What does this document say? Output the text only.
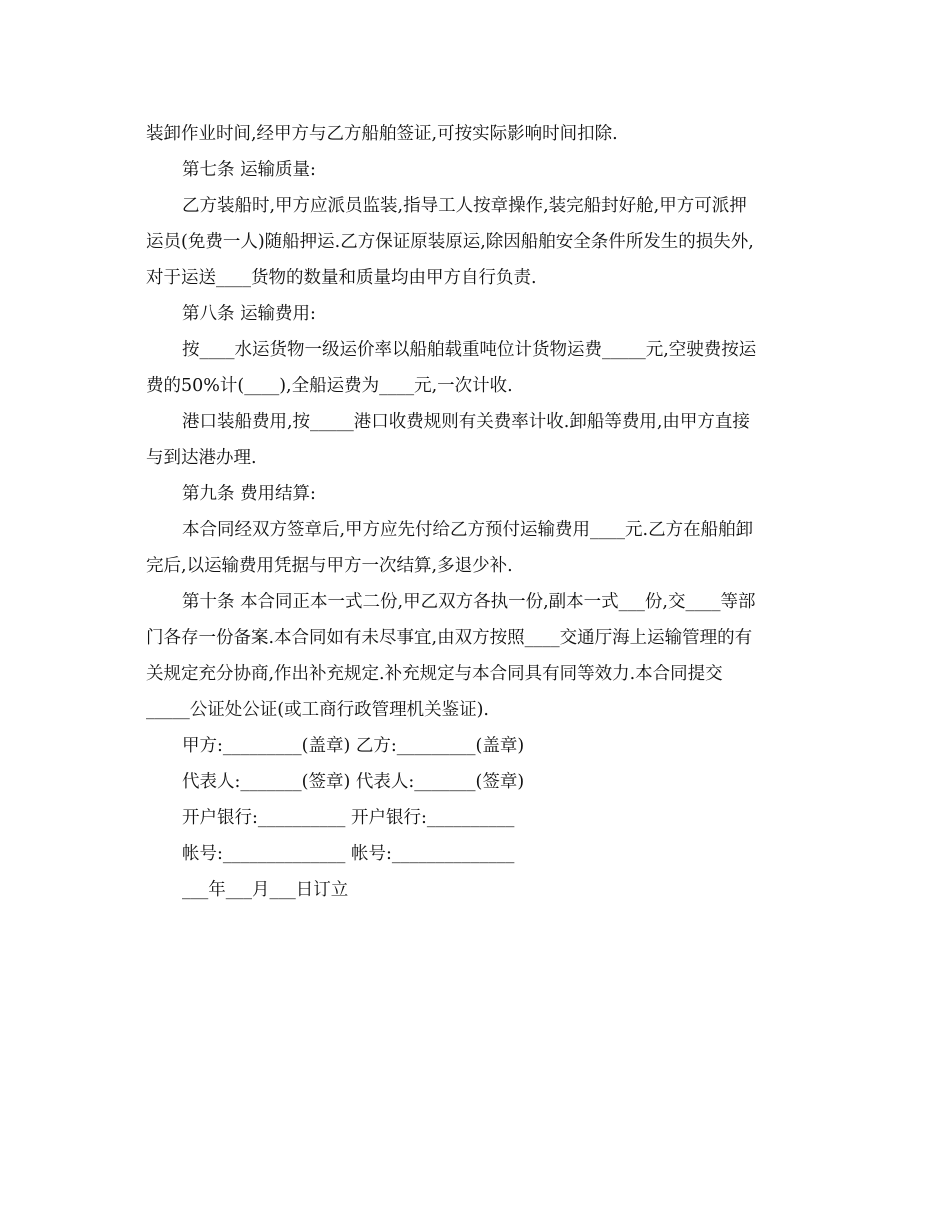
装卸作业时间,经甲方与乙方船舶签证,可按实际影响时间扣除.
第七条 运输质量:
乙方装船时,甲方应派员监装,指导工人按章操作,装完船封好舱,甲方可派押
运员(免费一人)随船押运.乙方保证原装原运,除因船舶安全条件所发生的损失外,
对于运送____货物的数量和质量均由甲方自行负责.
第八条 运输费用:
按____水运货物一级运价率以船舶载重吨位计货物运费_____元,空驶费按运
费的50%计(____),全船运费为____元,一次计收.
港口装船费用,按_____港口收费规则有关费率计收.卸船等费用,由甲方直接
与到达港办理.
第九条 费用结算:
本合同经双方签章后,甲方应先付给乙方预付运输费用____元.乙方在船舶卸
完后,以运输费用凭据与甲方一次结算,多退少补.
第十条 本合同正本一式二份,甲乙双方各执一份,副本一式___份,交____等部
门各存一份备案.本合同如有未尽事宜,由双方按照____交通厅海上运输管理的有
关规定充分协商,作出补充规定.补充规定与本合同具有同等效力.本合同提交
_____公证处公证(或工商行政管理机关鉴证).
甲方:_________(盖章) 乙方:_________(盖章)
代表人:_______(签章) 代表人:_______(签章)
开户银行:__________ 开户银行:__________
帐号:______________ 帐号:______________
___年___月___日订立
